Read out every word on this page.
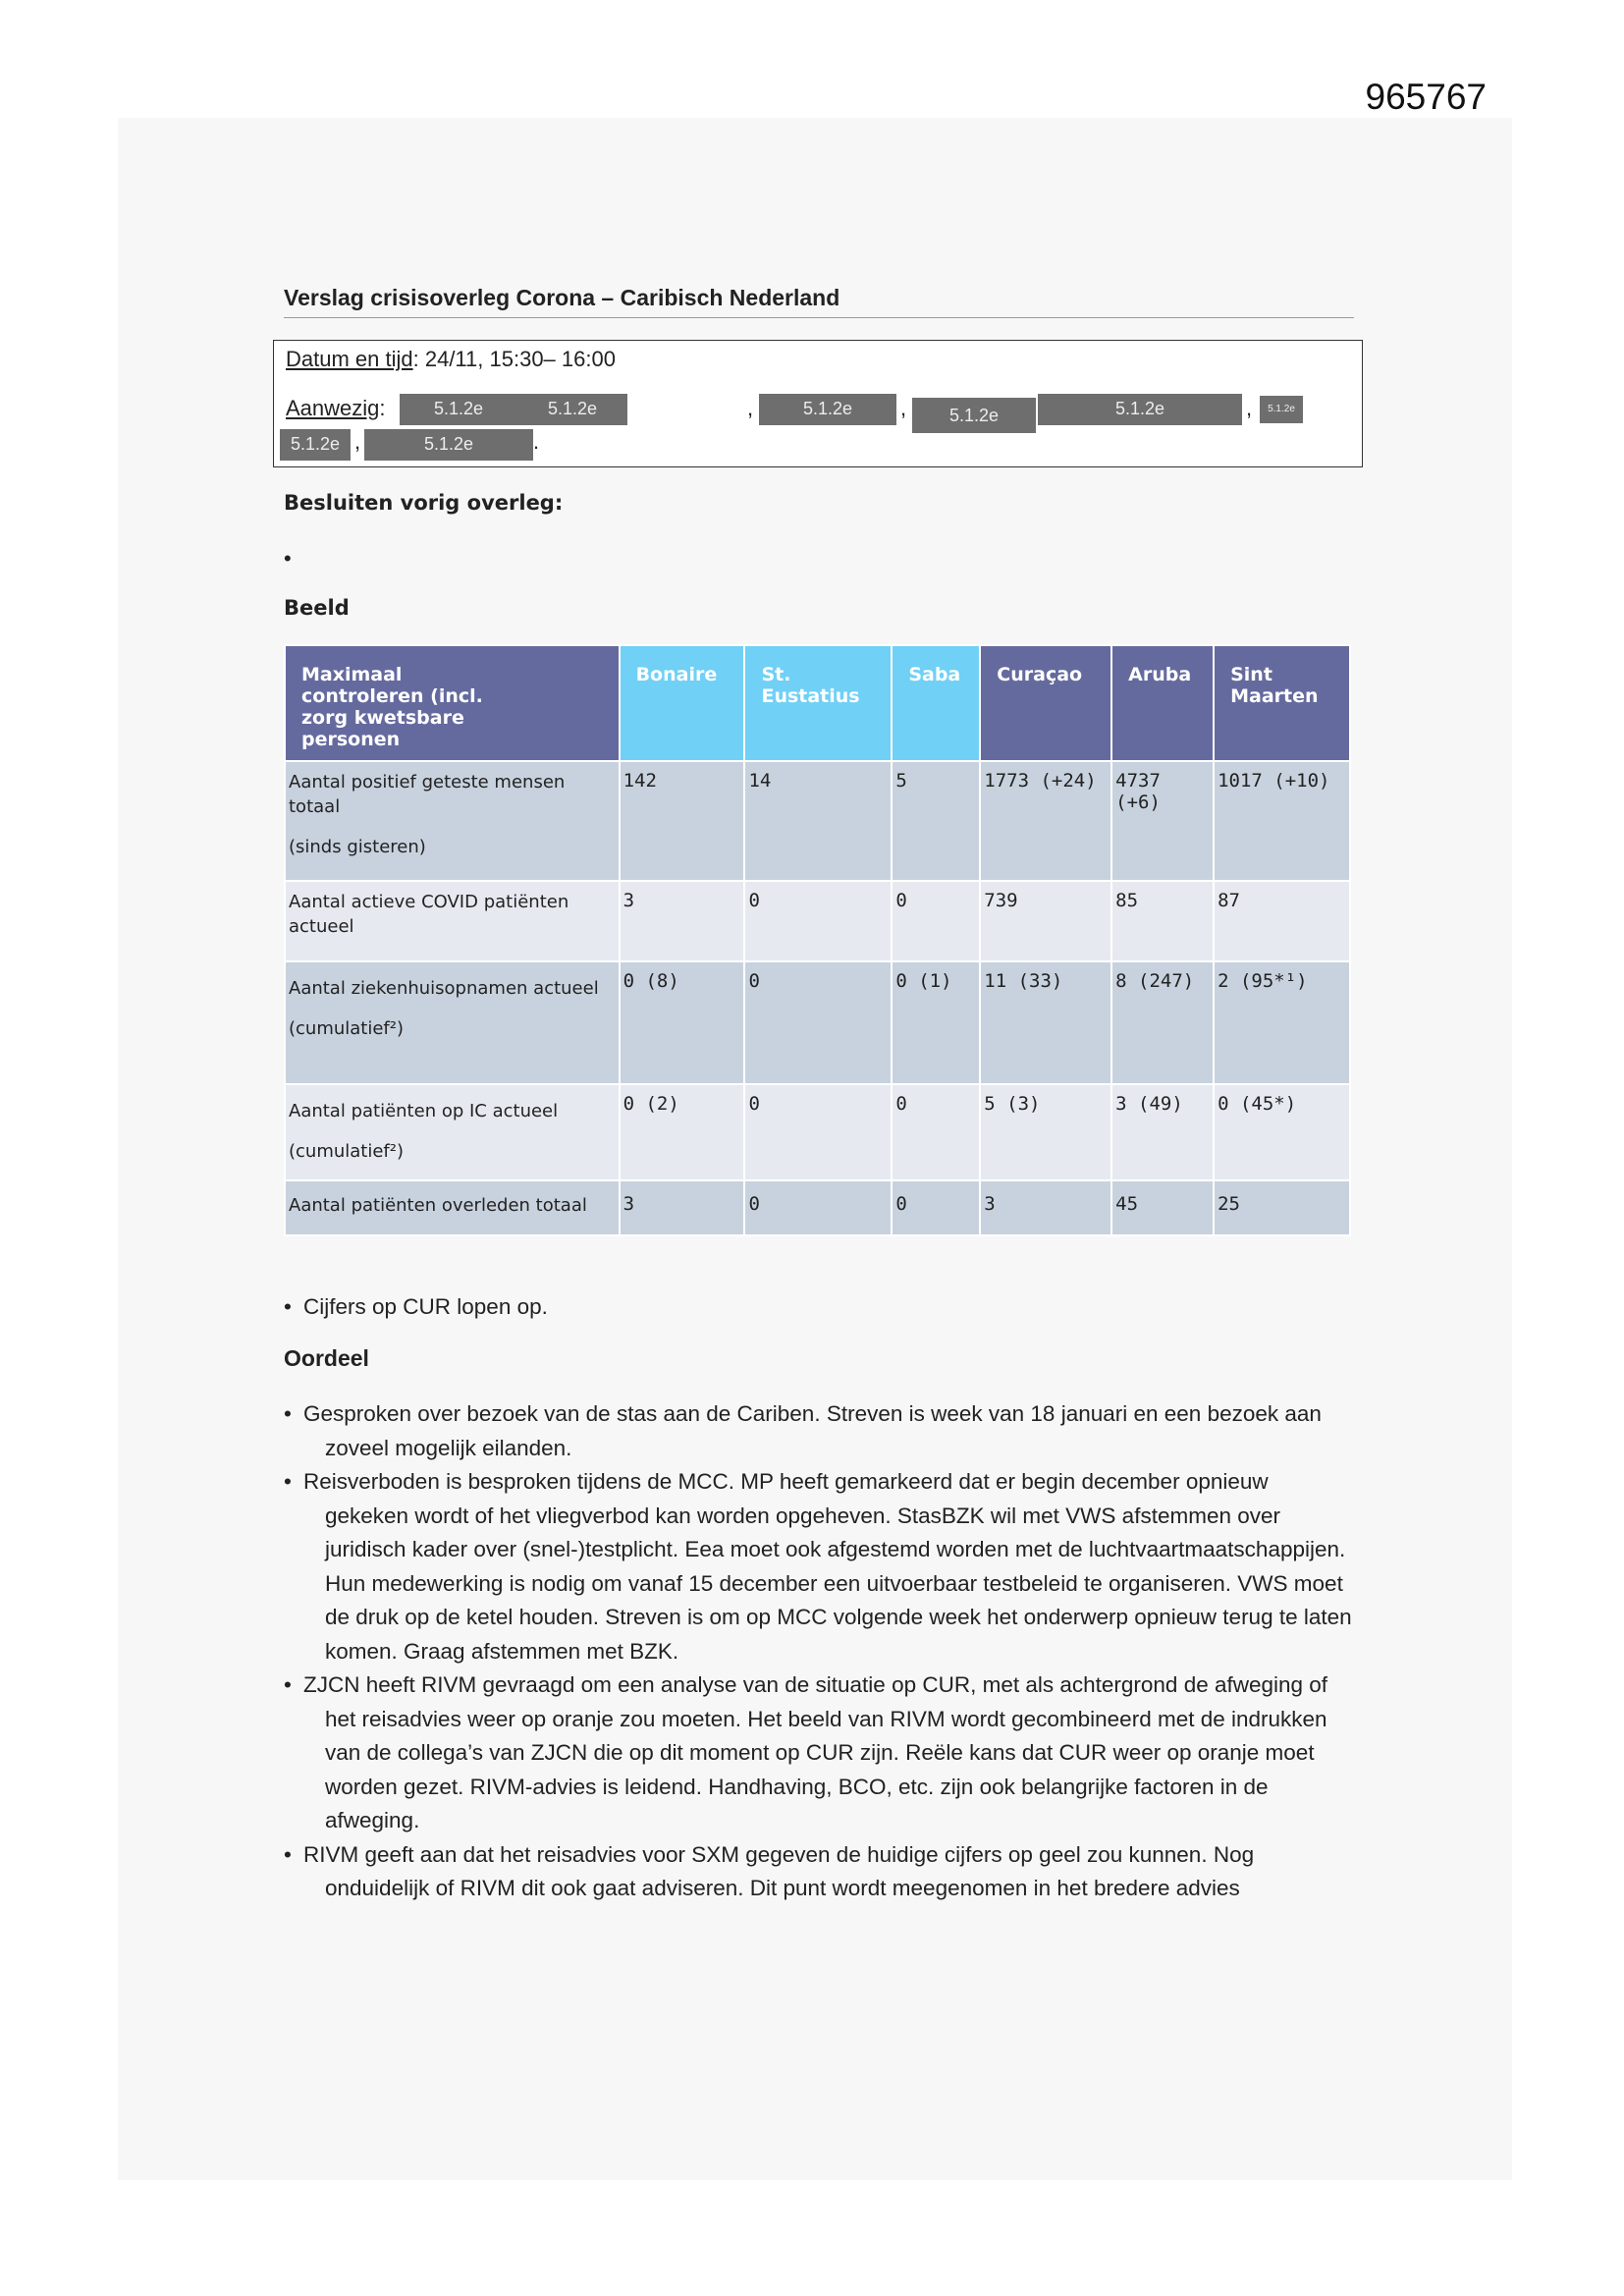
965767
Verslag crisisoverleg Corona – Caribisch Nederland
Datum en tijd: 24/11, 15:30– 16:00
Aanwezig:	5.1.2e	5.1.2e	,	5.1.2e	,	5.1.2e	5.1.2e	,	5.1.2e
5.1.2e ,	5.1.2e	.
Besluiten vorig overleg:
•
Beeld
Maximaal
controleren (incl.
zorg kwetsbare
personen	Bonaire	St. Eustatius	Saba	Curaçao	Aruba	Sint Maarten
Aantal positief geteste mensen totaal
(sinds gisteren)	142	14	5	1773 (+24)	4737 (+6)	1017 (+10)
Aantal actieve COVID patiënten actueel	3	0	0	739	85	87
Aantal ziekenhuisopnamen actueel
(cumulatief²)	0 (8)	0	0 (1)	11 (33)	8 (247)	2 (95*¹)
Aantal patiënten op IC actueel
(cumulatief²)	0 (2)	0	0	5 (3)	3 (49)	0 (45*)
Aantal patiënten overleden totaal	3	0	0	3	45	25
• Cijfers op CUR lopen op.
Oordeel
• Gesproken over bezoek van de stas aan de Cariben. Streven is week van 18 januari en een bezoek aan zoveel mogelijk eilanden.
• Reisverboden is besproken tijdens de MCC. MP heeft gemarkeerd dat er begin december opnieuw gekeken wordt of het vliegverbod kan worden opgeheven. StasBZK wil met VWS afstemmen over juridisch kader over (snel-)testplicht. Eea moet ook afgestemd worden met de luchtvaartmaatschappijen. Hun medewerking is nodig om vanaf 15 december een uitvoerbaar testbeleid te organiseren. VWS moet de druk op de ketel houden. Streven is om op MCC volgende week het onderwerp opnieuw terug te laten komen. Graag afstemmen met BZK.
• ZJCN heeft RIVM gevraagd om een analyse van de situatie op CUR, met als achtergrond de afweging of het reisadvies weer op oranje zou moeten. Het beeld van RIVM wordt gecombineerd met de indrukken van de collega’s van ZJCN die op dit moment op CUR zijn. Reële kans dat CUR weer op oranje moet worden gezet. RIVM-advies is leidend. Handhaving, BCO, etc. zijn ook belangrijke factoren in de afweging.
• RIVM geeft aan dat het reisadvies voor SXM gegeven de huidige cijfers op geel zou kunnen. Nog onduidelijk of RIVM dit ook gaat adviseren. Dit punt wordt meegenomen in het bredere advies
